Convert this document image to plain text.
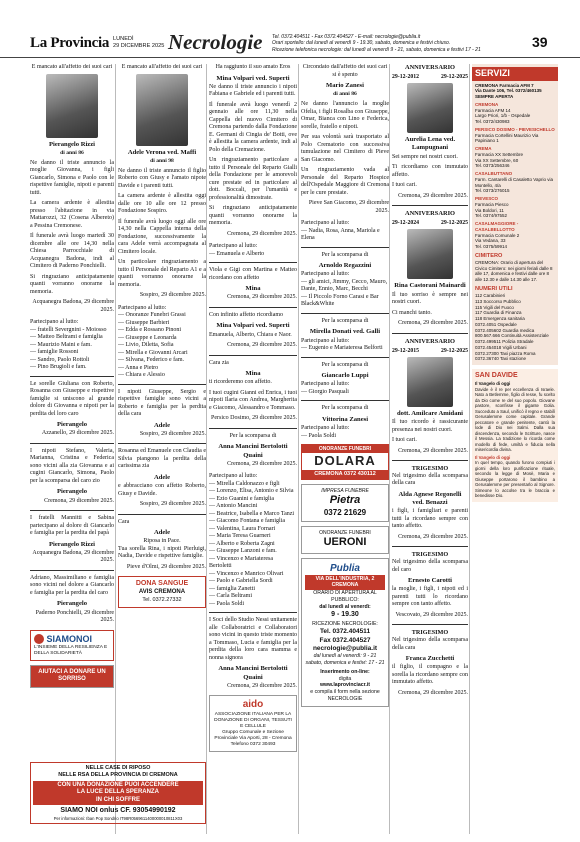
La Provincia LUNEDÌ
29 DICEMBRE 2025 Necrologie Tel. 0372.404511 - Fax 0372.404527 - E-mail: necrologie@publia.it
Orari sportello: dal lunedì al venerdì 9 - 19.30, sabato, domenica e festivi chiuso.
Ricezione telefonica necrologie: dal lunedì al venerdì 9 - 21, sabato, domenica e festivi 17 - 21	39
È mancato all'affetto dei suoi cari
Pierangelo Rizzi
di anni 86

Ne danno il triste annuncio la moglie Giovanna, i figli Giancarlo, Simona e Paolo con le rispettive famiglie, nipoti e parenti tutti.

La camera ardente è allestita presso l'abitazione in via Mattarozzi, 32 (Cosena Albereto) a Pessina Cremonese.

Il funerale avrà luogo martedì 30 dicembre alle ore 14,30 nella Chiesa Parrocchiale di Acquanegra Badona, indi al Cimitero di Paderno Ponchielli.

Si ringraziano anticipatamente quanti vorranno onorarne la memoria.

Acquanegra Badona, 29 dicembre 2025.

Partecipano al lutto:
— fratelli Severgnini - Moiosso
— Matteo Beltrami e famiglia
— Maurizio Maini e fam.
— famiglie Rossoni
— Sandro, Paolo Rottoli
— Pino Brugioli e fam.

Le sorelle Giuliana con Roberto, Rosanna con Giuseppe e rispettive famiglie si uniscono al grande dolore di Giovanna e nipoti per la perdita del loro caro

Pierangelo

Azzanello, 29 dicembre 2025.

I nipoti Stefano, Valeria, Marianna, Cristina e Federica sono vicini alla zia Giovanna e ai cugini Giancarlo, Simona, Paolo per la scomparsa del caro zio

Pierangelo

Cremona, 29 dicembre 2025.

I fratelli Mannitti e Sabina partecipano al dolore di Giancarlo e famiglia per la perdita del papà

Pierangelo Rizzi

Acquanegra Badona, 29 dicembre 2025.

Adriano, Massimiliano e famiglia sono vicini nel dolore a Giancarlo e famiglia per la perdita del caro

Pierangelo

Paderno Ponchielli, 29 dicembre 2025.

SIAMONOI
L'INSIEME DELLA RESILIENZA E DELLA SOLIDARIETÀ
AIUTACI A DONARE UN SORRISO
NELLE CASE DI RIPOSO
NELLE RSA DELLA PROVINCIA DI CREMONA
CON UNA DONAZIONE PUOI ACCENDERE
LA LUCE DELLA SPERANZA
IN CHI SOFFRE
SIAMO NOI onlus CF. 93054990192
Per informazioni: Iban Pop Sondrio IT98R0569611400000010811X03
È mancato all'affetto dei suoi cari
Adele Verona ved. Maffi
di anni 98

Ne danno il triste annuncio il figlio Roberto con Giusy e l'amato nipote Davide e i parenti tutti.

La camera ardente è allestita oggi dalle ore 10 alle ore 12 presso Fondazione Sospiro.

Il funerale avrà luogo oggi alle ore 14,30 nella Cappella interna della Fondazione, successivamente la cara Adele verrà accompagnata al Cimitero locale.

Un particolare ringraziamento a tutto il Personale del Reparto A1 e a quanti vorranno onorarne la memoria.

Sospiro, 29 dicembre 2025.

Partecipano al lutto:
— Onoranze Funebri Grassi
— Giuseppe Barbieri
— Edda e Rossano Pinoni
— Giuseppe e Leonarda
— Livio, Diletta, Sofia
— Mirella e Giovanni Arcari
— Silvana, Federico e fam.
— Anna e Pietro
— Chiara e Alessio

I nipoti Giuseppe, Sergio e rispettive famiglie sono vicini a Roberto e famiglia per la perdita della cara

Adele

Sospiro, 29 dicembre 2025.

Rosanna ed Emanuele con Claudia e Silvia piangono la perdita della carissima zia

Adele

e abbracciano con affetto Roberto, Giusy e Davide.

Sospiro, 29 dicembre 2025.

Cara

Adele

Riposa in Pace.

Tua sorella Rina, i nipoti Pierluigi, Nadia, Davide e rispettive famiglie.

Pieve d'Olmi, 29 dicembre 2025.

DONA SANGUE
AVIS CREMONA
Tel. 0372.27332

Ha raggiunto il suo amato Eros

Mina Volpari ved. Superti

Ne danno il triste annuncio i nipoti Fabiana e Gabriele ed i parenti tutti.

Il funerale avrà luogo venerdì 2 gennaio alle ore 11,30 nella Cappella del nuovo Cimitero di Cremona partendo dalla Fondazione E. Germani di Cingia de' Botti, ove è allestita la camera ardente, indi al Polo della Cremazione.

Un ringraziamento particolare a tutto il Personale del Reparto Gialli della Fondazione per le amorevoli cure prestate ed in particolare al dott. Boccali, per l'umanità e professionalità dimostrate.

Si ringraziano anticipatamente quanti vorranno onorarne la memoria.

Cremona, 29 dicembre 2025.

Partecipano al lutto:
— Emanuela e Alberto

Viola e Gigi con Martina e Matteo ricordano con affetto

Mina

Cremona, 29 dicembre 2025.

Con infinito affetto ricordiamo

Mina Volpari ved. Superti

Emanuela, Alberto, Chiara e Naor.

Cremona, 29 dicembre 2025.

Cara zia

Mina

ti ricorderemo con affetto.

I tuoi cugini Gianni ed Enrica, i tuoi nipoti Ilaria con Andrea, Margherita e Giacomo, Alessandro e Tommaso.

Persico Dosimo, 29 dicembre 2025.

Per la scomparsa di

Anna Mancini Bertolotti Quaini

Cremona, 29 dicembre 2025.

Partecipano al lutto:
— Mirella Caldonazzo e figli
— Lorenzo, Elisa, Antonio e Silvia
— Ezio Guanini e famiglia
— Antonio Mancini
— Beatrice, Isabella e Marco Tanzi
— Giacomo Fontana e famiglia
— Valentina, Laura Fornari
— Maria Teresa Guarneri
— Alberto e Roberta Zagni
— Giuseppe Lanzoni e fam.
— Vincenzo e Mariateresa Bertoletti
— Vincenzo e Manrico Olivari
— Paolo e Gabriella Sordi
— famiglia Zanetti
— Carla Beltrami
— Paola Soldi

I Soci dello Studio Nessi unitamente alle Collaboratrici e Collaboratori sono vicini in questo triste momento a Tommaso, Lucia e famiglia per la perdita della loro cara mamma e nonna signora

Anna Mancini Bertolotti Quaini

Cremona, 29 dicembre 2025.

aido
ASSOCIAZIONE ITALIANA PER LA DONAZIONE DI ORGANI, TESSUTI E CELLULE
Gruppo Comunale e Sezione Provinciale Via Aporti, 28 - Cremona Telefono 0372 30493

Circondato dall'affetto dei suoi cari si è spento

Mario Zanesi
di anni 86

Ne danno l'annuncio la moglie Ofelia, i figli Rosalba con Giuseppe, Omar, Bianca con Lino e Federica, sorelle, fratello e nipoti.

Per sua volontà sarà trasportato al Polo Crematorio con successiva tumulazione nel Cimitero di Pieve San Giacomo.

Un ringraziamento vada al Personale del Reparto Hospice dell'Ospedale Maggiore di Cremona per le cure prestate.

Pieve San Giacomo, 29 dicembre 2025.

Partecipano al lutto:
— Nadia, Rosa, Anna, Mariola e Elena

Per la scomparsa di

Arnoldo Regazzini
Partecipano al lutto:
— gli amici, Jimmy, Cecco, Mauro, Dante, Ennio, Marc, Becchi
— Il Piccolo Forno Carasi e Bar Black&White

Per la scomparsa di

Mirella Donati ved. Galli
Partecipano al lutto:
— Eugenio e Mariateresa Belforti

Per la scomparsa di

Giancarlo Luppi
Partecipano al lutto:
— Giorgio Pasquali

Per la scomparsa di

Vittorina Zanesi
Partecipano al lutto:
— Paola Soldi
ONORANZE FUNEBRI
DOLARA
CREMONA 0372 430112
IMPRESA FUNEBRE
Pietra
0372 21629
ONORANZE FUNEBRI
UERONI
Publia
VIA DELL'INDUSTRIA, 2 CREMONA
ORARIO DI APERTURA AL PUBBLICO:
dal lunedì al venerdì:
9 - 19.30
RICEZIONE NECROLOGIE:
Tel. 0372.404511
Fax 0372.404527
necrologie@publia.it
dal lunedì al venerdì: 9 - 21
sabato, domenica e festivi: 17 - 21
Inserimento on-line:
digita
www.laprovinciacr.it
e compila il form nella sezione NECROLOGIE
ANNIVERSARIO
29-12-2012	29-12-2025
Aurelia Lena ved. Lampugnani

Sei sempre nei nostri cuori.

Ti ricordiamo con immutato affetto.

I tuoi cari.

Cremona, 29 dicembre 2025.

ANNIVERSARIO
29-12-2024	29-12-2025
Rina Castorani Mainardi

Il tuo sorriso è sempre nei nostri cuori.

Ci manchi tanto.

Cremona, 29 dicembre 2025.

ANNIVERSARIO
29-12-2015	29-12-2025
dott. Amilcare Amidani

Il tuo ricordo è rassicurante presenza nei nostri cuori.

I tuoi cari.

Cremona, 29 dicembre 2025.

TRIGESIMO

Nel trigesimo della scomparsa della cara

Alda Agnese Regonelli ved. Benazzi

i figli, i famigliari e parenti tutti la ricordano sempre con tanto affetto.

Cremona, 29 dicembre 2025.

TRIGESIMO

Nel trigesimo della scomparsa del caro

Ernesto Carotti

la moglie, i figli, i nipoti ed i parenti tutti lo ricordano sempre con tanto affetto.

Vescovato, 29 dicembre 2025.

TRIGESIMO

Nel trigesimo della scomparsa della cara

Franca Zucchetti

il figlio, il compagno e la sorella la ricordano sempre con immutato affetto.

Cremona, 29 dicembre 2025.

SERVIZI
CREMONA Farmacia AFM 7
Via Dante 106, Tel. 0372/460135 SEMPRE APERTA
CREMONA
Farmacia AFM 14
Largo Priori, 1/b - Ospedale
Tel. 0372/430983
PERSICO DOSIMO - PIEVESICHELLO
Farmacia Cortellini Maurizio Via Papiniano 1
CREMA
Farmacia XX Settembre
Via XX Settembre, 60
Tel. 0373/256346
CASALBUTTANO
Farm. Cantarelli di Casaletto Vaprio via Montello, 4/a
Tel. 0373/276015
PIEVESCO
Farmacia Piesco
Via Boldori, 11
Tel. 0374/97552
CASALMAGGIORE - CASALBELLOTTO
Farmacia Comunale 2
Via Vedana, 33
Tel. 0375/59914
CIMITERO
CREMONA: Orario di apertura del Civico Cimitero: nei giorni feriali dalle 8 alle 17, domenica e festivi dalle ore 8 alle 12.30 e dalle 14.30 alle 17.
NUMERI UTILI
112 Carabinieri
113 Soccorso Pubblico
115 Vigili del Fuoco
117 Guardia di Finanza
118 Emergenza sanitaria
0372.4051 Ospedale
0372.405602 Guardia medica
800.567.666 Continuità Assistenziale
0372.499511 Polizia Stradale
0372.454018 Vigili Urbani
0372.27300 Taxi piazza Roma
0372.36740 Taxi stazione
SAN DAVIDE
Il Vangelo di oggi
Davide è il re per eccellenza di Israele. Nato a Betlemme, figlio di Iesse, fu scelto da Dio come re del suo popolo. Giovane pastore, sconfisse il gigante Golia. Succeduto a Saul, unificò il regno e stabilì Gerusalemme come capitale. Grande peccatore e grande penitente, cantò la lode di Dio nei Salmi. Dalla sua discendenza, secondo le Scritture, nasce il Messia. La tradizione lo ricorda come modello di fede, umiltà e fiducia nella misericordia divina.
Il Vangelo di oggi
In quel tempo, quando furono compiuti i giorni della loro purificazione rituale, secondo la legge di Mosè, Maria e Giuseppe portarono il bambino a Gerusalemme per presentarlo al Signore. Simeone lo accolse tra le braccia e benedisse Dio.
